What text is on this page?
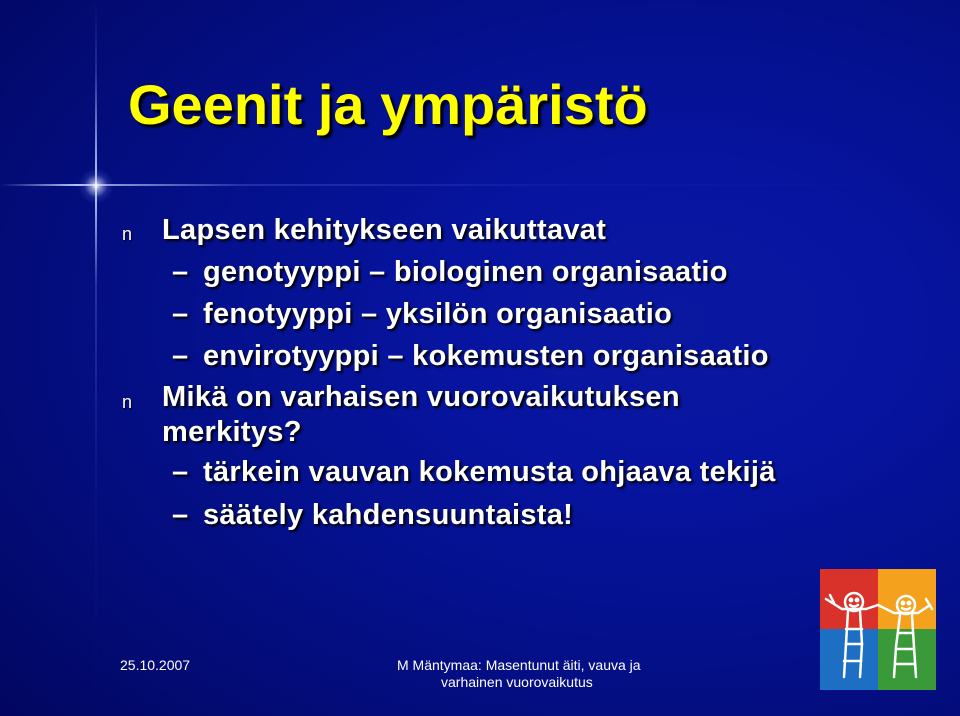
Geenit ja ympäristö
n Lapsen kehitykseen vaikuttavat
– genotyyppi – biologinen organisaatio
– fenotyyppi – yksilön organisaatio
– envirotyyppi – kokemusten organisaatio
n Mikä on varhaisen vuorovaikutuksen
merkitys?
– tärkein vauvan kokemusta ohjaava tekijä
– säätely kahdensuuntaista!
25.10.2007	M Mäntymaa: Masentunut äiti, vauva ja
varhainen vuorovaikutus
